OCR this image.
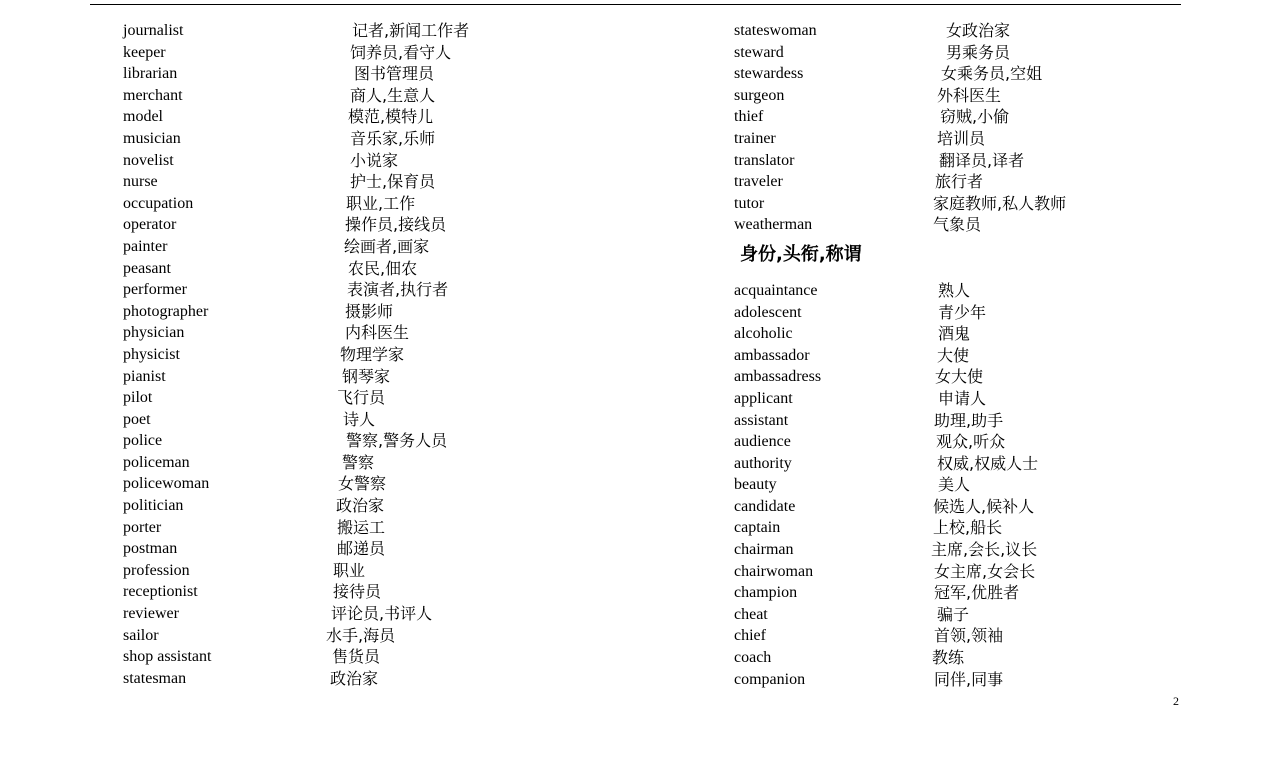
journalist	记者,新闻工作者
keeper	饲养员,看守人
librarian	图书管理员
merchant	商人,生意人
model	模范,模特儿
musician	音乐家,乐师
novelist	小说家
nurse	护士,保育员
occupation	职业,工作
operator	操作员,接线员
painter	绘画者,画家
peasant	农民,佃农
performer	表演者,执行者
photographer	摄影师
physician	内科医生
physicist	物理学家
pianist	钢琴家
pilot	飞行员
poet	诗人
police	警察,警务人员
policeman	警察
policewoman	女警察
politician	政治家
porter	搬运工
postman	邮递员
profession	职业
receptionist	接待员
reviewer	评论员,书评人
sailor	水手,海员
shop assistant	售货员
statesman	政治家
stateswoman	女政治家
steward	男乘务员
stewardess	女乘务员,空姐
surgeon	外科医生
thief	窃贼,小偷
trainer	培训员
translator	翻译员,译者
traveler	旅行者
tutor	家庭教师,私人教师
weatherman	气象员
身份,头衔,称谓
acquaintance	熟人
adolescent	青少年
alcoholic	酒鬼
ambassador	大使
ambassadress	女大使
applicant	申请人
assistant	助理,助手
audience	观众,听众
authority	权威,权威人士
beauty	美人
candidate	候选人,候补人
captain	上校,船长
chairman	主席,会长,议长
chairwoman	女主席,女会长
champion	冠军,优胜者
cheat	骗子
chief	首领,领袖
coach	教练
companion	同伴,同事
2
